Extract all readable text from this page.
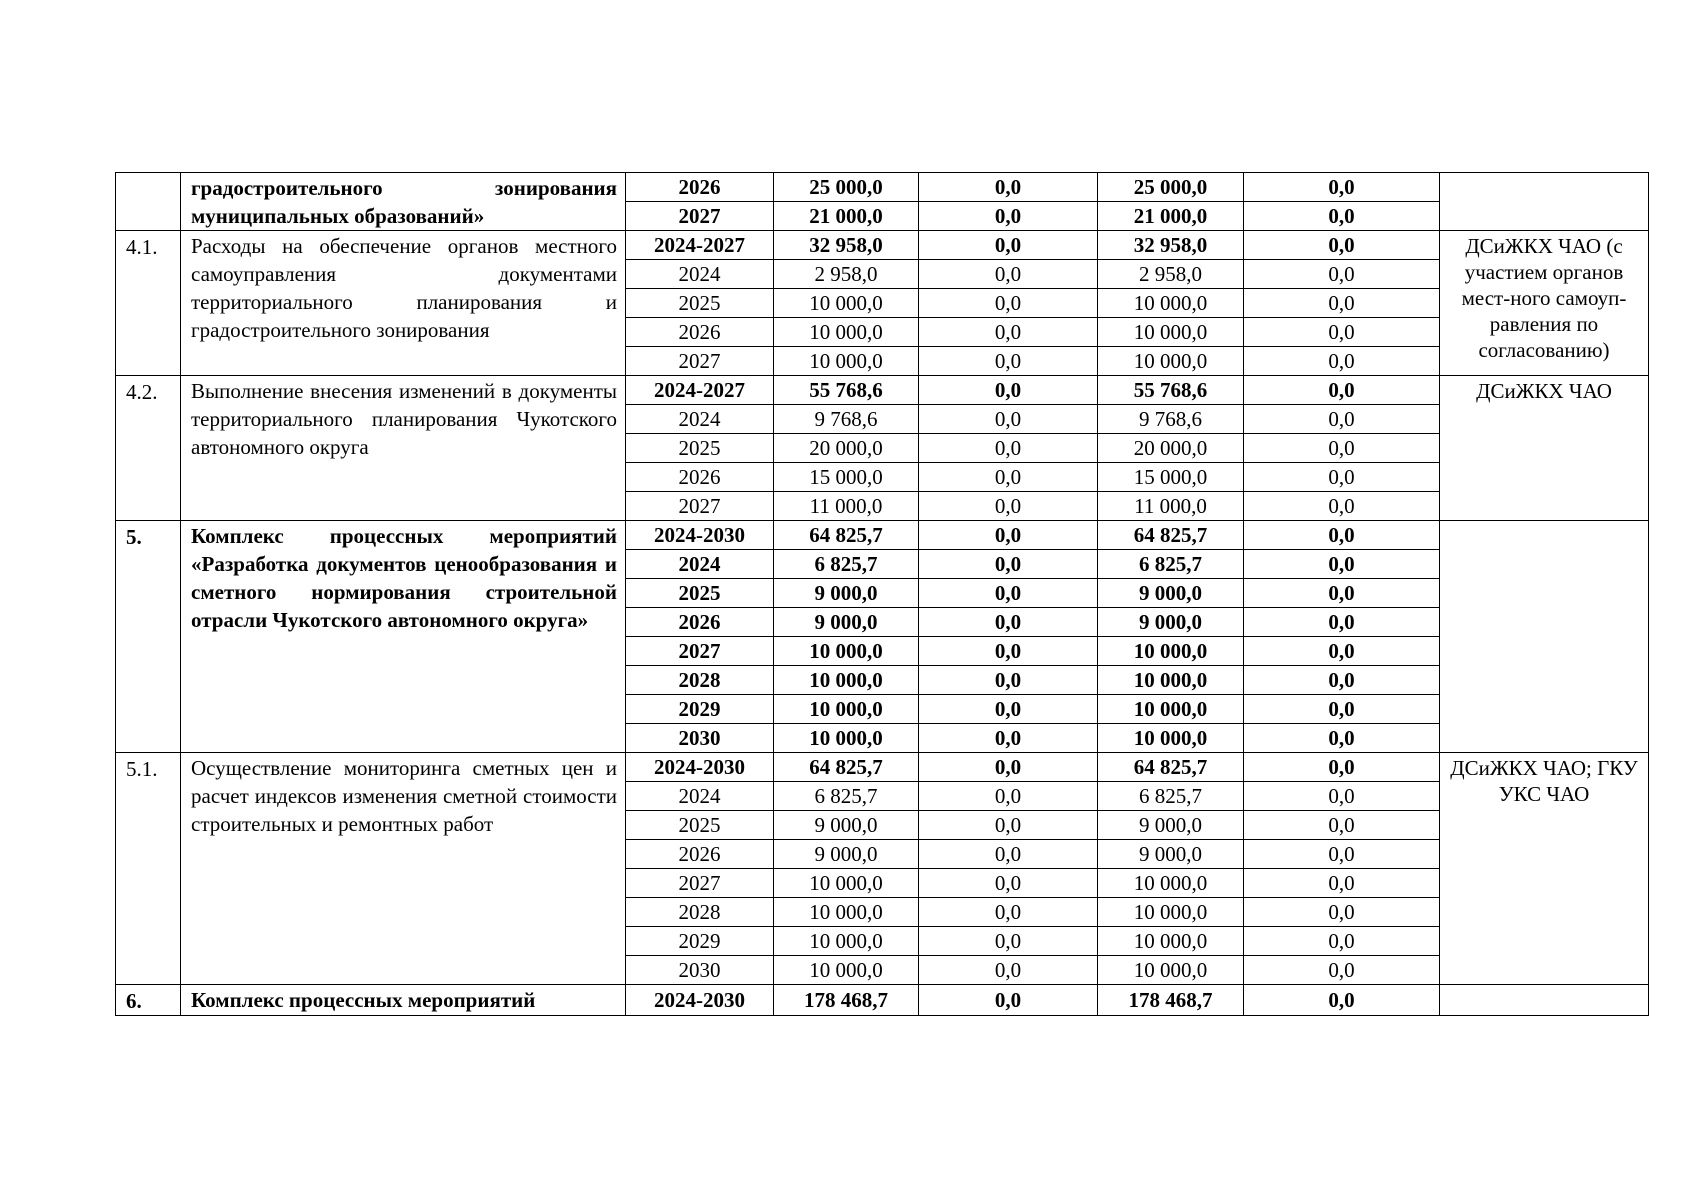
	градостроительного зонирования муниципальных образований»	2026	25 000,0	0,0	25 000,0	0,0	
		2027	21 000,0	0,0	21 000,0	0,0	
4.1.	Расходы на обеспечение органов местного самоуправления документами территориального планирования и градостроительного зонирования	2024-2027	32 958,0	0,0	32 958,0	0,0	ДСиЖКХ ЧАО (с участием органов мест-ного самоуп-равления по согласованию)
		2024	2 958,0	0,0	2 958,0	0,0	
		2025	10 000,0	0,0	10 000,0	0,0	
		2026	10 000,0	0,0	10 000,0	0,0	
		2027	10 000,0	0,0	10 000,0	0,0	
4.2.	Выполнение внесения изменений в документы территориального планирования Чукотского автономного округа	2024-2027	55 768,6	0,0	55 768,6	0,0	ДСиЖКХ ЧАО
		2024	9 768,6	0,0	9 768,6	0,0	
		2025	20 000,0	0,0	20 000,0	0,0	
		2026	15 000,0	0,0	15 000,0	0,0	
		2027	11 000,0	0,0	11 000,0	0,0	
5.	Комплекс процессных мероприятий «Разработка документов ценообразования и сметного нормирования строительной отрасли Чукотского автономного округа»	2024-2030	64 825,7	0,0	64 825,7	0,0	
		2024	6 825,7	0,0	6 825,7	0,0	
		2025	9 000,0	0,0	9 000,0	0,0	
		2026	9 000,0	0,0	9 000,0	0,0	
		2027	10 000,0	0,0	10 000,0	0,0	
		2028	10 000,0	0,0	10 000,0	0,0	
		2029	10 000,0	0,0	10 000,0	0,0	
		2030	10 000,0	0,0	10 000,0	0,0	
5.1.	Осуществление мониторинга сметных цен и расчет индексов изменения сметной стоимости строительных и ремонтных работ	2024-2030	64 825,7	0,0	64 825,7	0,0	ДСиЖКХ ЧАО; ГКУ УКС ЧАО
		2024	6 825,7	0,0	6 825,7	0,0	
		2025	9 000,0	0,0	9 000,0	0,0	
		2026	9 000,0	0,0	9 000,0	0,0	
		2027	10 000,0	0,0	10 000,0	0,0	
		2028	10 000,0	0,0	10 000,0	0,0	
		2029	10 000,0	0,0	10 000,0	0,0	
		2030	10 000,0	0,0	10 000,0	0,0	
6.	Комплекс процессных мероприятий	2024-2030	178 468,7	0,0	178 468,7	0,0	
